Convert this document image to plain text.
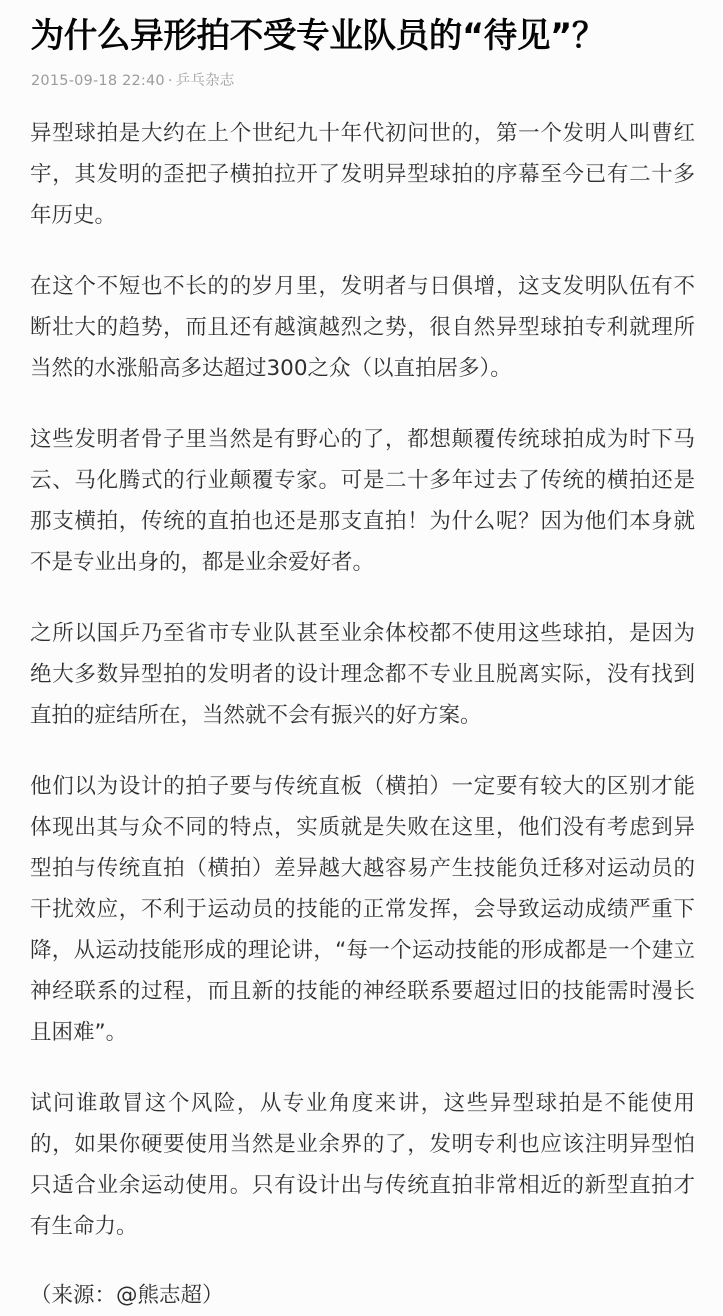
为什么异形拍不受专业队员的“待见”？
2015-09-18 22:40 · 乒乓杂志

异型球拍是大约在上个世纪九十年代初问世的，第一个发明人叫曹红宇，其发明的歪把子横拍拉开了发明异型球拍的序幕至今已有二十多年历史。

在这个不短也不长的的岁月里，发明者与日俱增，这支发明队伍有不断壮大的趋势，而且还有越演越烈之势，很自然异型球拍专利就理所当然的水涨船高多达超过300之众（以直拍居多）。

这些发明者骨子里当然是有野心的了，都想颠覆传统球拍成为时下马云、马化腾式的行业颠覆专家。可是二十多年过去了传统的横拍还是那支横拍，传统的直拍也还是那支直拍！为什么呢？因为他们本身就不是专业出身的，都是业余爱好者。

之所以国乒乃至省市专业队甚至业余体校都不使用这些球拍，是因为绝大多数异型拍的发明者的设计理念都不专业且脱离实际，没有找到直拍的症结所在，当然就不会有振兴的好方案。

他们以为设计的拍子要与传统直板（横拍）一定要有较大的区别才能体现出其与众不同的特点，实质就是失败在这里，他们没有考虑到异型拍与传统直拍（横拍）差异越大越容易产生技能负迁移对运动员的干扰效应，不利于运动员的技能的正常发挥，会导致运动成绩严重下降，从运动技能形成的理论讲，“每一个运动技能的形成都是一个建立神经联系的过程，而且新的技能的神经联系要超过旧的技能需时漫长且困难”。

试问谁敢冒这个风险，从专业角度来讲，这些异型球拍是不能使用的，如果你硬要使用当然是业余界的了，发明专利也应该注明异型怕只适合业余运动使用。只有设计出与传统直拍非常相近的新型直拍才有生命力。

（来源：@熊志超）
